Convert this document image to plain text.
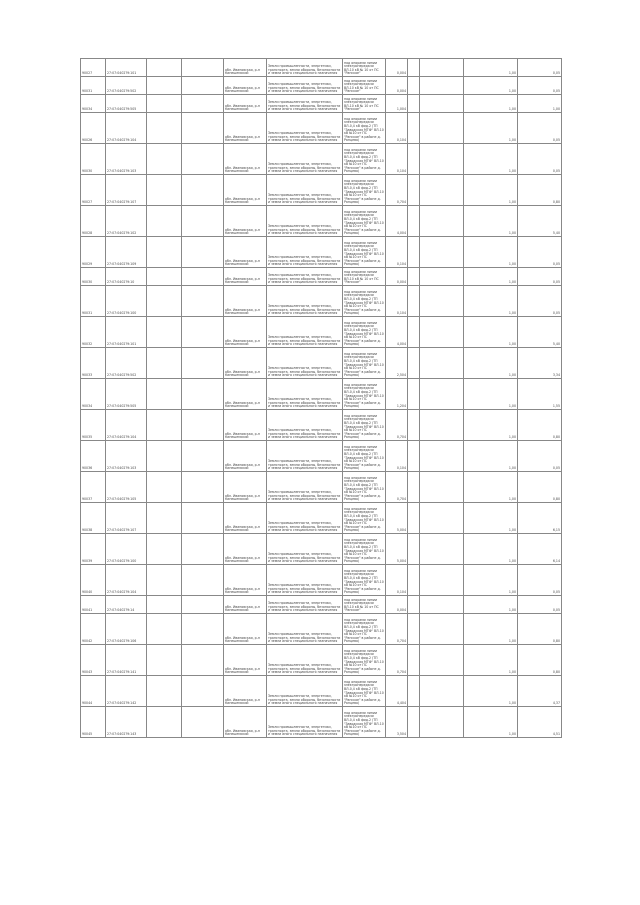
90027	27:07:0402?9:101			обл. Ивановская, р-н Кинешемский	Земли промышленности, энергетики, транспорта, земли обороны, безопасности и земли иного специального назначения	под опорами линии электропередачи ВЛ-10 кВ № 10 от ПС "Ранское"	0,004			1,00	0,05
90031	27:07:0402?9:502			обл. Ивановская, р-н Кинешемский	Земли промышленности, энергетики, транспорта, земли обороны, безопасности и земли иного специального назначения	под опорами линии электропередачи ВЛ-10 кВ № 10 от ПС "Ранское"	0,004			1,00	0,05
90034	27:07:0402?9:505			обл. Ивановская, р-н Кинешемский	Земли промышленности, энергетики, транспорта, земли обороны, безопасности и земли иного специального назначения	под опорами линии электропередачи ВЛ-10 кВ № 10 от ПС "Ранское"	1,004			1,00	1,00
90026	27:07:0402?9:104			обл. Ивановская, р-н Кинешемский	Земли промышленности, энергетики, транспорта, земли обороны, безопасности и земли иного специального назначения	под опорами линии электропередачи ВЛ-0,4 кВ фид.2 (ТП "Заводская МТФ" ВЛ-10 кВ №10 от ПС "Ранское" в районе д. Ранцево)	0,104			1,00	0,05
90030	27:07:0402?9:103			обл. Ивановская, р-н Кинешемский	Земли промышленности, энергетики, транспорта, земли обороны, безопасности и земли иного специального назначения	под опорами линии электропередачи ВЛ-0,4 кВ фид.2 (ТП "Заводская МТФ" ВЛ-10 кВ №10 от ПС "Ранское" в районе д. Ранцево)	0,104			1,00	0,05
90027	27:07:0402?9:107			обл. Ивановская, р-н Кинешемский	Земли промышленности, энергетики, транспорта, земли обороны, безопасности и земли иного специального назначения	под опорами линии электропередачи ВЛ-0,4 кВ фид.2 (ТП "Заводская МТФ" ВЛ-10 кВ №10 от ПС "Ранское" в районе д. Ранцево)	0,704			1,00	0,80
90028	27:07:0402?9:102			обл. Ивановская, р-н Кинешемский	Земли промышленности, энергетики, транспорта, земли обороны, безопасности и земли иного специального назначения	под опорами линии электропередачи ВЛ-0,4 кВ фид.2 (ТП "Заводская МТФ" ВЛ-10 кВ №10 от ПС "Ранское" в районе д. Ранцево)	4,004			1,00	5,40
90029	27:07:0402?9:109			обл. Ивановская, р-н Кинешемский	Земли промышленности, энергетики, транспорта, земли обороны, безопасности и земли иного специального назначения	под опорами линии электропередачи ВЛ-0,4 кВ фид.2 (ТП "Заводская МТФ" ВЛ-10 кВ №10 от ПС "Ранское" в районе д. Ранцево)	0,104			1,00	0,05
90030	27:07:0402?9:10			обл. Ивановская, р-н Кинешемский	Земли промышленности, энергетики, транспорта, земли обороны, безопасности и земли иного специального назначения	под опорами линии электропередачи ВЛ-10 кВ № 10 от ПС "Ранское"	0,004			1,00	0,05
90031	27:07:0402?9:100			обл. Ивановская, р-н Кинешемский	Земли промышленности, энергетики, транспорта, земли обороны, безопасности и земли иного специального назначения	под опорами линии электропередачи ВЛ-0,4 кВ фид.2 (ТП "Заводская МТФ" ВЛ-10 кВ №10 от ПС "Ранское" в районе д. Ранцево)	0,104			1,00	0,05
90032	27:07:0402?9:101			обл. Ивановская, р-н Кинешемский	Земли промышленности, энергетики, транспорта, земли обороны, безопасности и земли иного специального назначения	под опорами линии электропередачи ВЛ-0,4 кВ фид.2 (ТП "Заводская МТФ" ВЛ-10 кВ №10 от ПС "Ранское" в районе д. Ранцево)	4,004			1,00	5,40
90033	27:07:0402?9:502			обл. Ивановская, р-н Кинешемский	Земли промышленности, энергетики, транспорта, земли обороны, безопасности и земли иного специального назначения	под опорами линии электропередачи ВЛ-0,4 кВ фид.2 (ТП "Заводская МТФ" ВЛ-10 кВ №10 от ПС "Ранское" в районе д. Ранцево)	2,504			1,00	3,34
90034	27:07:0402?9:505			обл. Ивановская, р-н Кинешемский	Земли промышленности, энергетики, транспорта, земли обороны, безопасности и земли иного специального назначения	под опорами линии электропередачи ВЛ-0,4 кВ фид.2 (ТП "Заводская МТФ" ВЛ-10 кВ №10 от ПС "Ранское" в районе д. Ранцево)	1,204			1,00	1,55
90035	27:07:0402?9:104			обл. Ивановская, р-н Кинешемский	Земли промышленности, энергетики, транспорта, земли обороны, безопасности и земли иного специального назначения	под опорами линии электропередачи ВЛ-0,4 кВ фид.2 (ТП "Заводская МТФ" ВЛ-10 кВ №10 от ПС "Ранское" в районе д. Ранцево)	0,704			1,00	0,80
90036	27:07:0402?9:103			обл. Ивановская, р-н Кинешемский	Земли промышленности, энергетики, транспорта, земли обороны, безопасности и земли иного специального назначения	под опорами линии электропередачи ВЛ-0,4 кВ фид.2 (ТП "Заводская МТФ" ВЛ-10 кВ №10 от ПС "Ранское" в районе д. Ранцево)	0,104			1,00	0,05
90037	27:07:0402?9:105			обл. Ивановская, р-н Кинешемский	Земли промышленности, энергетики, транспорта, земли обороны, безопасности и земли иного специального назначения	под опорами линии электропередачи ВЛ-0,4 кВ фид.2 (ТП "Заводская МТФ" ВЛ-10 кВ №10 от ПС "Ранское" в районе д. Ранцево)	0,704			1,00	0,80
90038	27:07:0402?9:107			обл. Ивановская, р-н Кинешемский	Земли промышленности, энергетики, транспорта, земли обороны, безопасности и земли иного специального назначения	под опорами линии электропередачи ВЛ-0,4 кВ фид.2 (ТП "Заводская МТФ" ВЛ-10 кВ №10 от ПС "Ранское" в районе д. Ранцево)	5,004			1,00	6,15
90039	27:07:0402?9:100			обл. Ивановская, р-н Кинешемский	Земли промышленности, энергетики, транспорта, земли обороны, безопасности и земли иного специального назначения	под опорами линии электропередачи ВЛ-0,4 кВ фид.2 (ТП "Заводская МТФ" ВЛ-10 кВ №10 от ПС "Ранское" в районе д. Ранцево)	5,004			1,00	6,14
90040	27:07:0402?9:104			обл. Ивановская, р-н Кинешемский	Земли промышленности, энергетики, транспорта, земли обороны, безопасности и земли иного специального назначения	под опорами линии электропередачи ВЛ-0,4 кВ фид.2 (ТП "Заводская МТФ" ВЛ-10 кВ №10 от ПС "Ранское" в районе д. Ранцево)	0,104			1,00	0,05
90041	27:07:0402?9:14			обл. Ивановская, р-н Кинешемский	Земли промышленности, энергетики, транспорта, земли обороны, безопасности и земли иного специального назначения	под опорами линии электропередачи ВЛ-10 кВ № 10 от ПС "Ранское"	0,004			1,00	0,05
90042	27:07:0402?9:106			обл. Ивановская, р-н Кинешемский	Земли промышленности, энергетики, транспорта, земли обороны, безопасности и земли иного специального назначения	под опорами линии электропередачи ВЛ-0,4 кВ фид.2 (ТП "Заводская МТФ" ВЛ-10 кВ №10 от ПС "Ранское" в районе д. Ранцево)	0,704			1,00	0,80
90043	27:07:0402?9:141			обл. Ивановская, р-н Кинешемский	Земли промышленности, энергетики, транспорта, земли обороны, безопасности и земли иного специального назначения	под опорами линии электропередачи ВЛ-0,4 кВ фид.2 (ТП "Заводская МТФ" ВЛ-10 кВ №10 от ПС "Ранское" в районе д. Ранцево)	0,704			1,00	0,80
90044	27:07:0402?9:142			обл. Ивановская, р-н Кинешемский	Земли промышленности, энергетики, транспорта, земли обороны, безопасности и земли иного специального назначения	под опорами линии электропередачи ВЛ-0,4 кВ фид.2 (ТП "Заводская МТФ" ВЛ-10 кВ №10 от ПС "Ранское" в районе д. Ранцево)	4,404			1,00	4,37
90045	27:07:0402?9:143			обл. Ивановская, р-н Кинешемский	Земли промышленности, энергетики, транспорта, земли обороны, безопасности и земли иного специального назначения	под опорами линии электропередачи ВЛ-0,4 кВ фид.2 (ТП "Заводская МТФ" ВЛ-10 кВ №10 от ПС "Ранское" в районе д. Ранцево)	3,504			1,00	4,51
